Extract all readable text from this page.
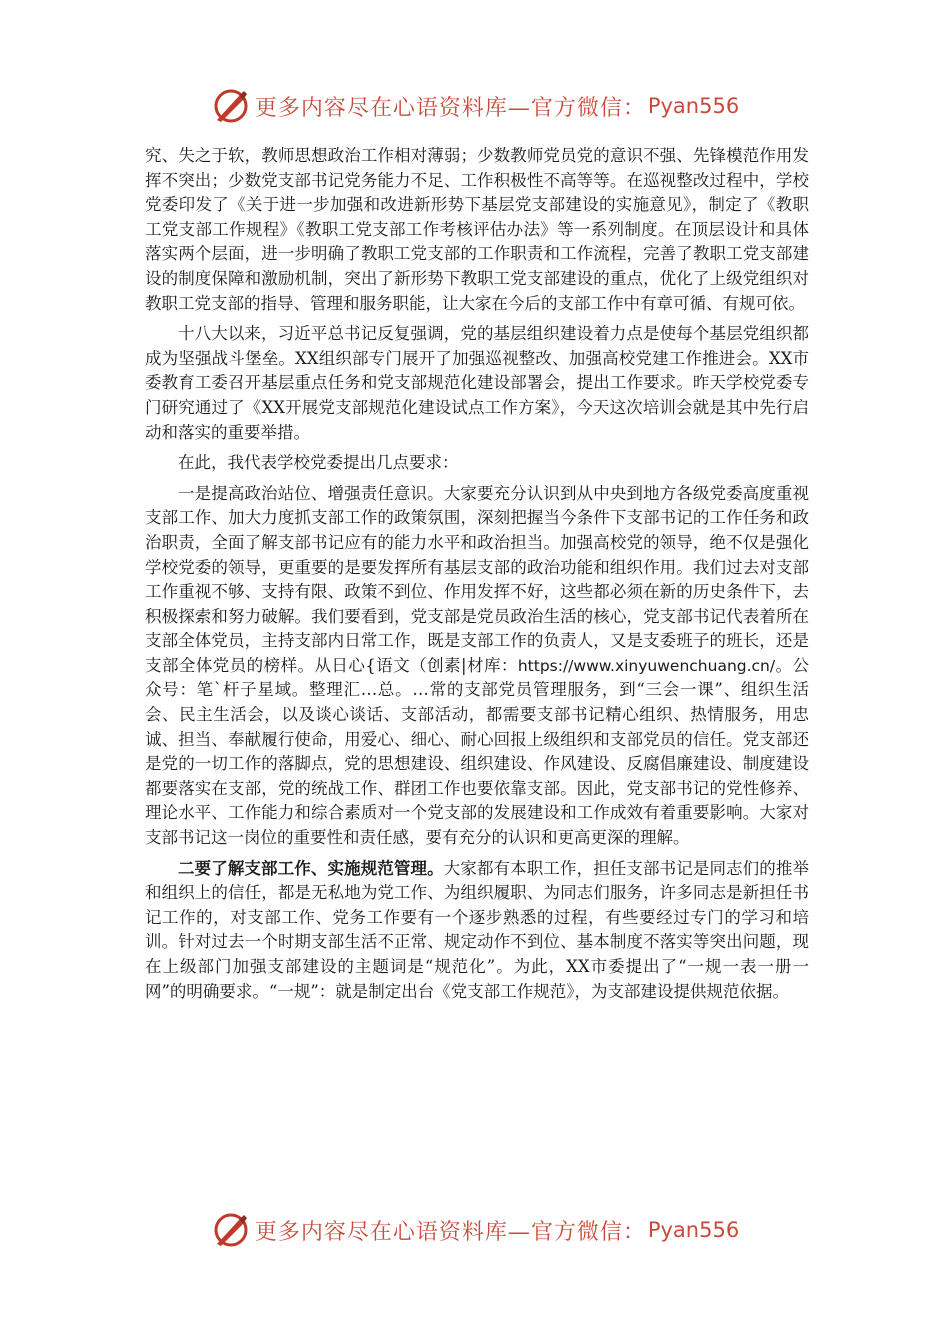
更多内容尽在心语资料库—官方微信： Pyan556

究、失之于软，教师思想政治工作相对薄弱；少数教师党员党的意识不强、先锋模范作用发挥不突出；少数党支部书记党务能力不足、工作积极性不高等等。在巡视整改过程中，学校党委印发了《关于进一步加强和改进新形势下基层党支部建设的实施意见》，制定了《教职工党支部工作规程》《教职工党支部工作考核评估办法》等一系列制度。在顶层设计和具体落实两个层面，进一步明确了教职工党支部的工作职责和工作流程，完善了教职工党支部建设的制度保障和激励机制，突出了新形势下教职工党支部建设的重点，优化了上级党组织对教职工党支部的指导、管理和服务职能，让大家在今后的支部工作中有章可循、有规可依。

十八大以来，习近平总书记反复强调，党的基层组织建设着力点是使每个基层党组织都成为坚强战斗堡垒。XX组织部专门展开了加强巡视整改、加强高校党建工作推进会。XX市委教育工委召开基层重点任务和党支部规范化建设部署会，提出工作要求。昨天学校党委专门研究通过了《XX开展党支部规范化建设试点工作方案》，今天这次培训会就是其中先行启动和落实的重要举措。

在此，我代表学校党委提出几点要求：

一是提高政治站位、增强责任意识。大家要充分认识到从中央到地方各级党委高度重视支部工作、加大力度抓支部工作的政策氛围，深刻把握当今条件下支部书记的工作任务和政治职责，全面了解支部书记应有的能力水平和政治担当。加强高校党的领导，绝不仅是强化学校党委的领导，更重要的是要发挥所有基层支部的政治功能和组织作用。我们过去对支部工作重视不够、支持有限、政策不到位、作用发挥不好，这些都必须在新的历史条件下，去积极探索和努力破解。我们要看到，党支部是党员政治生活的核心，党支部书记代表着所在支部全体党员，主持支部内日常工作，既是支部工作的负责人，又是支委班子的班长，还是支部全体党员的榜样。从日心{语文（创素|材库：https://www.xinyuwenchuang.cn/。公众号：笔`杆子星域。整理汇…总。…常的支部党员管理服务，到“三会一课”、组织生活会、民主生活会，以及谈心谈话、支部活动，都需要支部书记精心组织、热情服务，用忠诚、担当、奉献履行使命，用爱心、细心、耐心回报上级组织和支部党员的信任。党支部还是党的一切工作的落脚点，党的思想建设、组织建设、作风建设、反腐倡廉建设、制度建设都要落实在支部，党的统战工作、群团工作也要依靠支部。因此，党支部书记的党性修养、理论水平、工作能力和综合素质对一个党支部的发展建设和工作成效有着重要影响。大家对支部书记这一岗位的重要性和责任感，要有充分的认识和更高更深的理解。

二要了解支部工作、实施规范管理。大家都有本职工作，担任支部书记是同志们的推举和组织上的信任，都是无私地为党工作、为组织履职、为同志们服务，许多同志是新担任书记工作的，对支部工作、党务工作要有一个逐步熟悉的过程，有些要经过专门的学习和培训。针对过去一个时期支部生活不正常、规定动作不到位、基本制度不落实等突出问题，现在上级部门加强支部建设的主题词是“规范化”。为此，XX市委提出了“一规一表一册一网”的明确要求。“一规”：就是制定出台《党支部工作规范》，为支部建设提供规范依据。

更多内容尽在心语资料库—官方微信： Pyan556
